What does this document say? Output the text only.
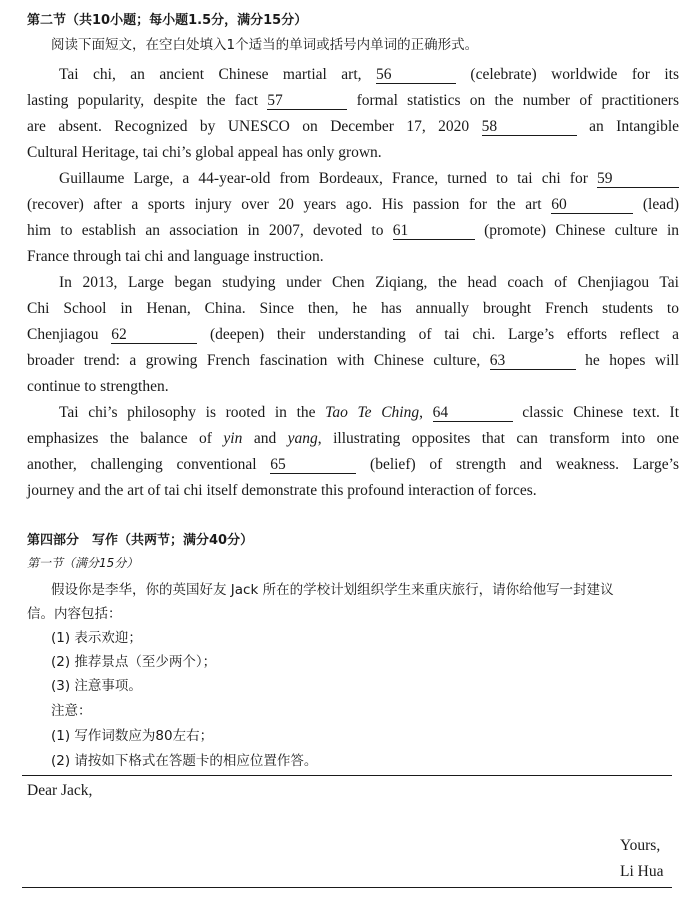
第二节（共10小题；每小题1.5分，满分15分）
阅读下面短文，在空白处填入1个适当的单词或括号内单词的正确形式。
Tai chi, an ancient Chinese martial art, 56	(celebrate) worldwide for its
lasting popularity, despite the fact 57	formal statistics on the number of practitioners
are absent. Recognized by UNESCO on December 17, 2020 58	an Intangible
Cultural Heritage, tai chi’s global appeal has only grown.
Guillaume Large, a 44-year-old from Bordeaux, France, turned to tai chi for 59
(recover) after a sports injury over 20 years ago. His passion for the art 60	(lead)
him to establish an association in 2007, devoted to 61	(promote) Chinese culture in
France through tai chi and language instruction.
In 2013, Large began studying under Chen Ziqiang, the head coach of Chenjiagou Tai
Chi School in Henan, China. Since then, he has annually brought French students to
Chenjiagou 62	(deepen) their understanding of tai chi. Large’s efforts reflect a
broader trend: a growing French fascination with Chinese culture, 63	he hopes will
continue to strengthen.
Tai chi’s philosophy is rooted in the Tao Te Ching, 64	classic Chinese text. It
emphasizes the balance of yin and yang, illustrating opposites that can transform into one
another, challenging conventional 65	(belief) of strength and weakness. Large’s
journey and the art of tai chi itself demonstrate this profound interaction of forces.
第四部分　写作（共两节；满分40分）
第一节（满分15分）
假设你是李华，你的英国好友 Jack 所在的学校计划组织学生来重庆旅行，请你给他写一封建议
信。内容包括：
(1) 表示欢迎；
(2) 推荐景点（至少两个）；
(3) 注意事项。
注意：
(1) 写作词数应为80左右；
(2) 请按如下格式在答题卡的相应位置作答。
Dear Jack,
Yours,
Li Hua
